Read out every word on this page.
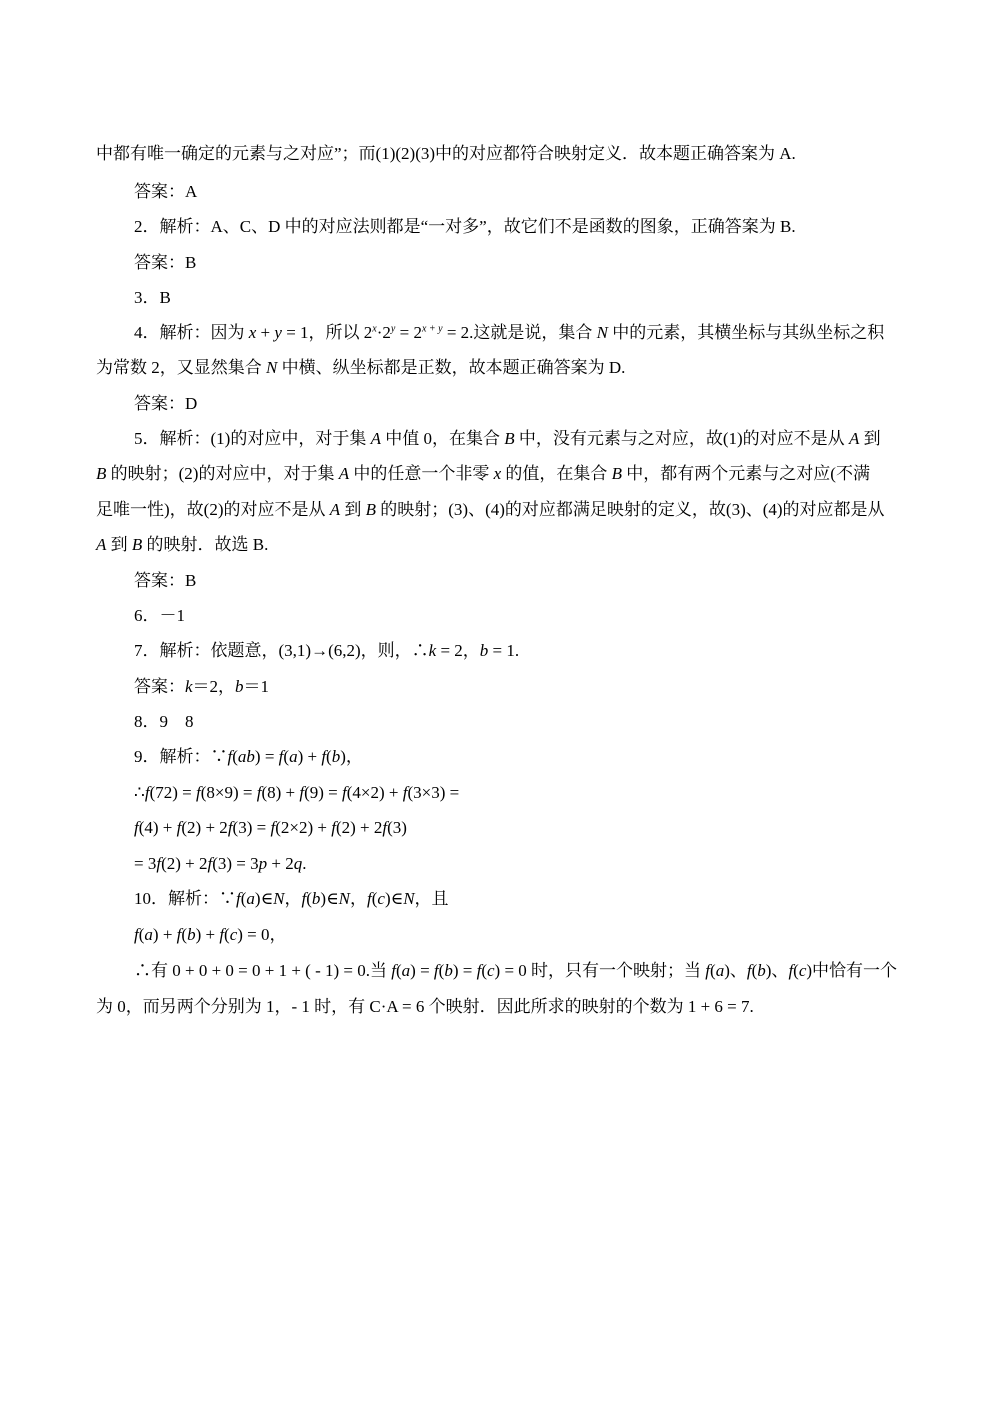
中都有唯一确定的元素与之对应”；而(1)(2)(3)中的对应都符合映射定义．故本题正确答案为 A.
答案：A
2．解析：A、C、D 中的对应法则都是“一对多”，故它们不是函数的图象，正确答案为 B.
答案：B
3．B
4．解析：因为 x + y = 1，所以 $2^x\cdot 2^y = 2^{x + y} = 2$.这就是说，集合 N 中的元素，其横坐标与其纵坐标之积
为常数 2，又显然集合 N 中横、纵坐标都是正数，故本题正确答案为 D.
答案：D
5．解析：(1)的对应中，对于集 A 中值 0，在集合 B 中，没有元素与之对应，故(1)的对应不是从 A 到
B 的映射；(2)的对应中，对于集 A 中的任意一个非零 x 的值，在集合 B 中，都有两个元素与之对应(不满
足唯一性)，故(2)的对应不是从 A 到 B 的映射；(3)、(4)的对应都满足映射的定义，故(3)、(4)的对应都是从
A 到 B 的映射．故选 B.
答案：B
6．－1
7．解析：依题意，(3,1)→(6,2)，则，∴k = 2，b = 1.
答案：k＝2，b＝1
8．9　8
9．解析：∵f(ab) = f(a) + f(b)，
∴f(72) = f(8×9) = f(8) + f(9) = f(4×2) + f(3×3) =
f(4) + f(2) + 2f(3) = f(2×2) + f(2) + 2f(3)
= 3f(2) + 2f(3) = 3p + 2q.
10．解析：∵f(a)∈N，f(b)∈N，f(c)∈N，且
f(a) + f(b) + f(c) = 0，
∴有 0 + 0 + 0 = 0 + 1 + ( - 1) = 0.当 f(a) = f(b) = f(c) = 0 时，只有一个映射；当 f(a)、f(b)、f(c)中恰有一个
为 0，而另两个分别为 1，- 1 时，有 C·A = 6 个映射．因此所求的映射的个数为 1 + 6 = 7.
